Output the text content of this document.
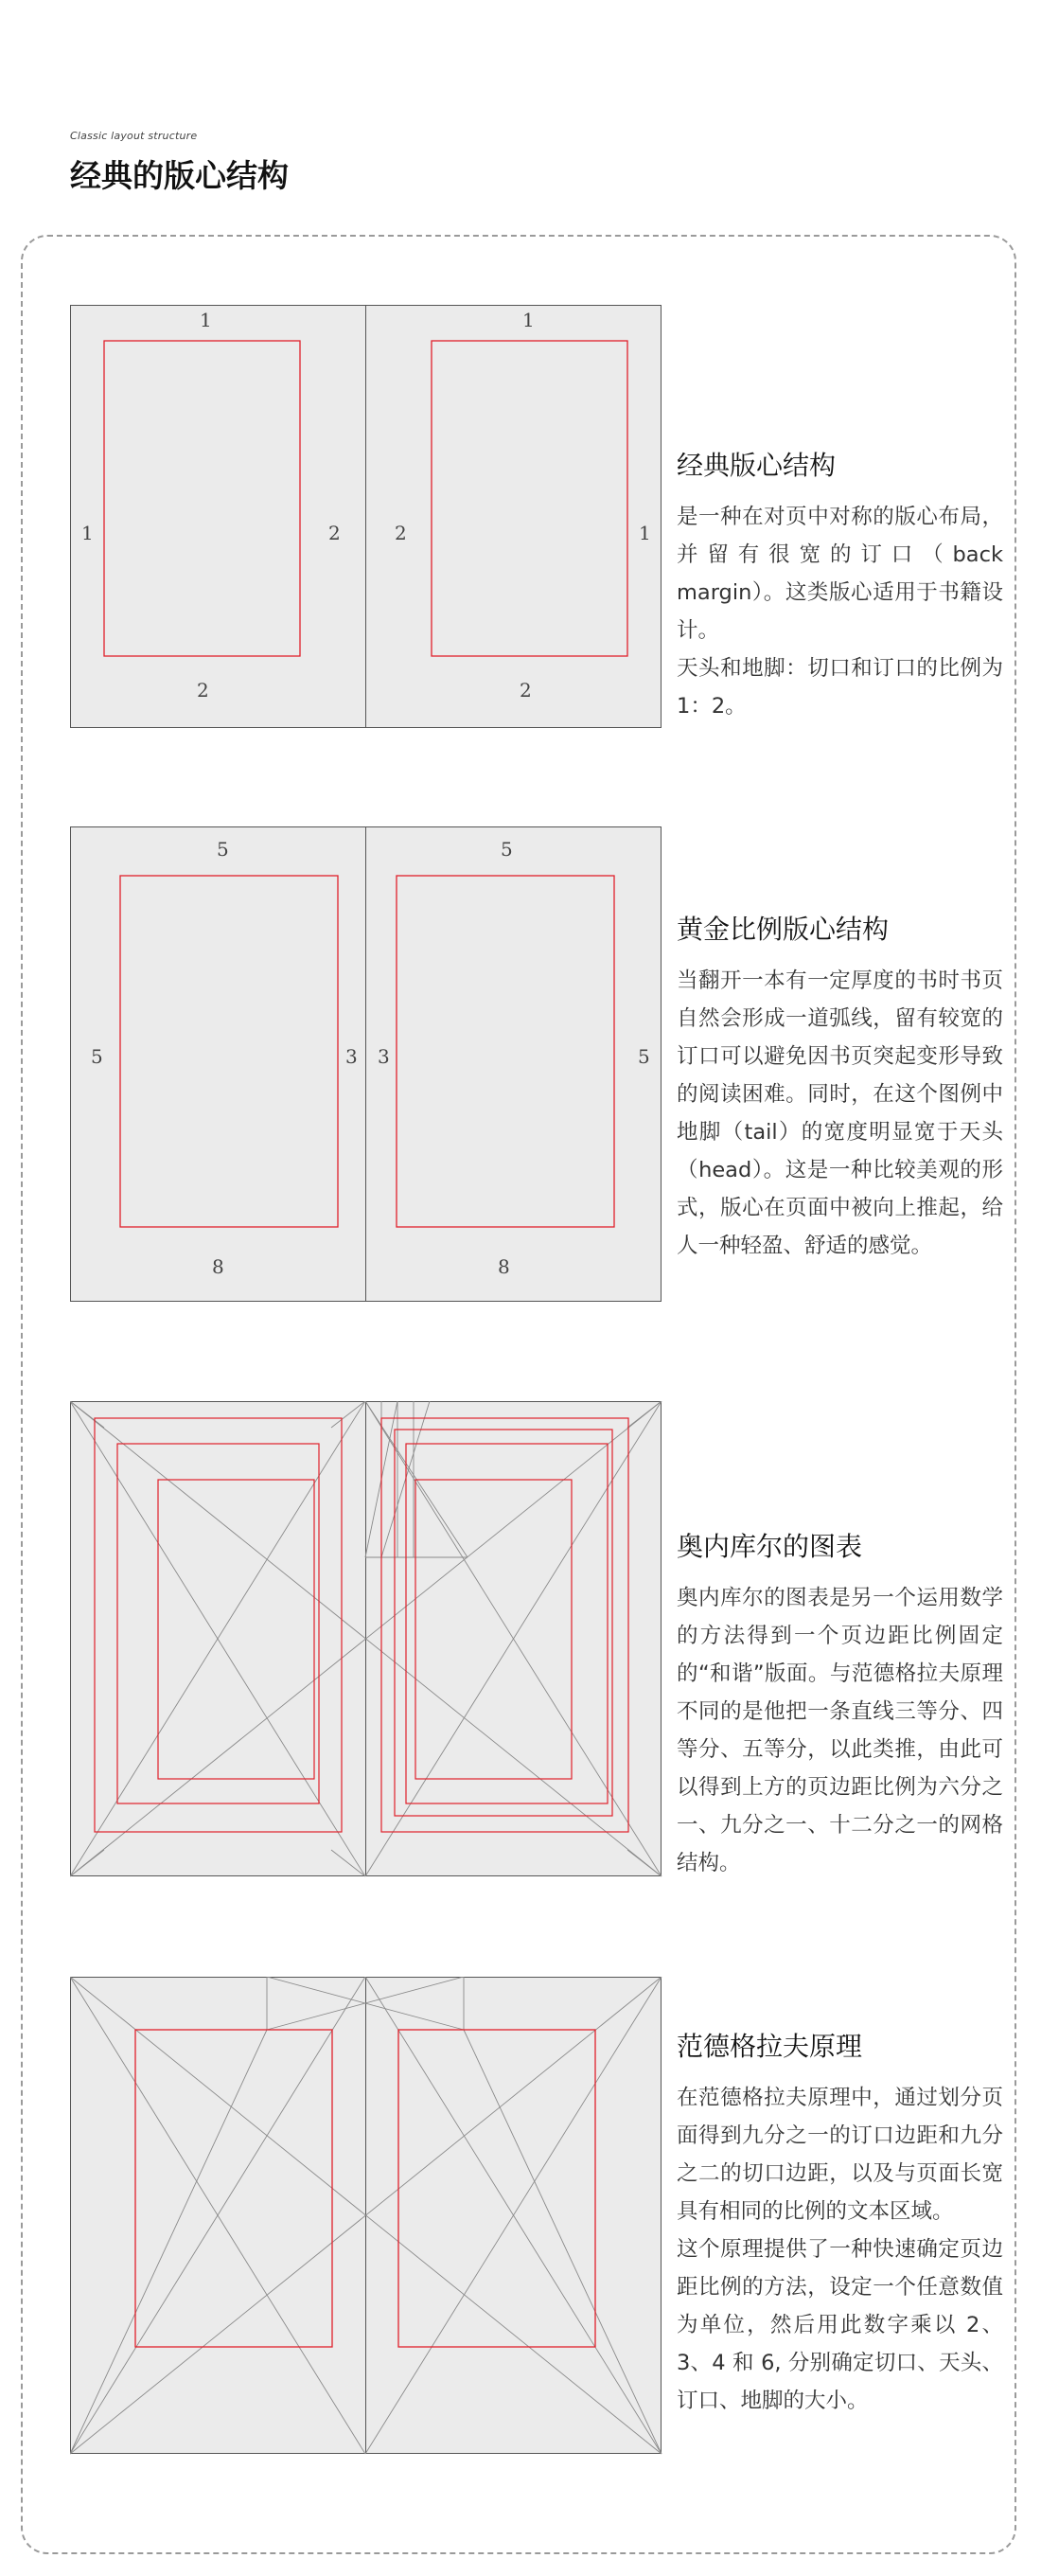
Classic layout structure
经典的版心结构
1
1	2
2
1
2	1
2
经典版心结构

是一种在对页中对称的版心布局，并留有很宽的订口（back margin）。这类版心适用于书籍设计。

天头和地脚：切口和订口的比例为1：2。

5
5	3
8
5
3	5
8
黄金比例版心结构

当翻开一本有一定厚度的书时书页自然会形成一道弧线，留有较宽的订口可以避免因书页突起变形导致的阅读困难。同时，在这个图例中地脚（tail）的宽度明显宽于天头（head）。这是一种比较美观的形式，版心在页面中被向上推起，给人一种轻盈、舒适的感觉。

奥内库尔的图表

奥内库尔的图表是另一个运用数学的方法得到一个页边距比例固定的“和谐”版面。与范德格拉夫原理不同的是他把一条直线三等分、四等分、五等分，以此类推，由此可以得到上方的页边距比例为六分之一、九分之一、十二分之一的网格结构。

范德格拉夫原理

在范德格拉夫原理中，通过划分页面得到九分之一的订口边距和九分之二的切口边距，以及与页面长宽具有相同的比例的文本区域。

这个原理提供了一种快速确定页边距比例的方法，设定一个任意数值为单位，然后用此数字乘以 2、3、4 和 6, 分别确定切口、天头、订口、地脚的大小。
